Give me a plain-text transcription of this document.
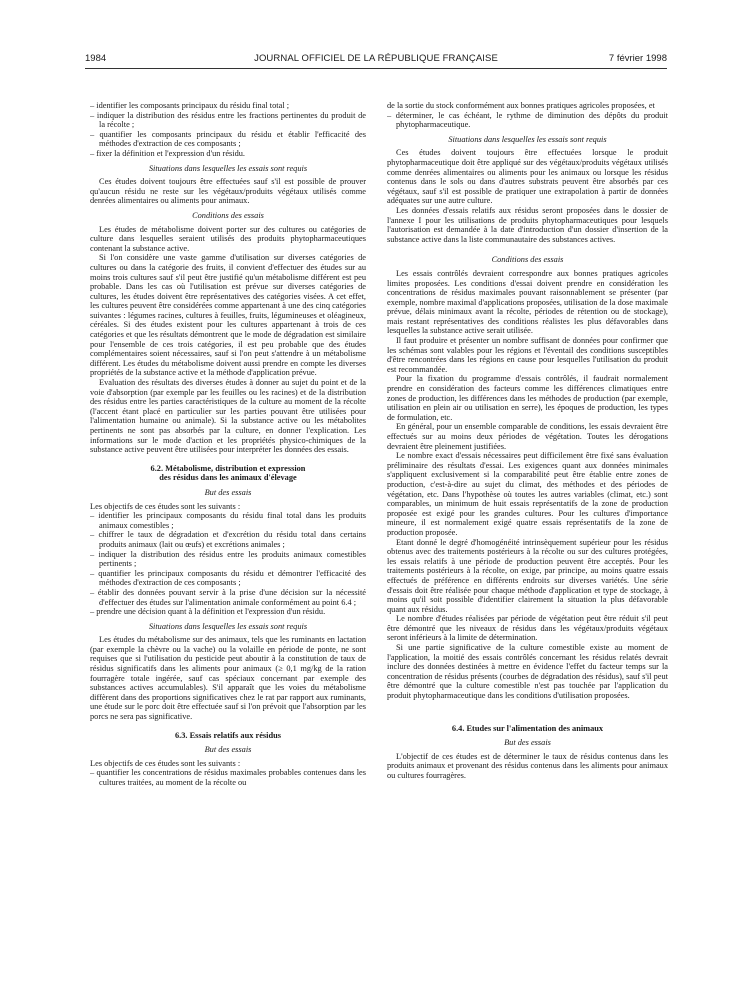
1984	JOURNAL OFFICIEL DE LA RÉPUBLIQUE FRANÇAISE	7 février 1998
– identifier les composants principaux du résidu final total ;
– indiquer la distribution des résidus entre les fractions pertinentes du produit de la récolte ;
– quantifier les composants principaux du résidu et établir l'efficacité des méthodes d'extraction de ces composants ;
– fixer la définition et l'expression d'un résidu.
Situations dans lesquelles les essais sont requis

Ces études doivent toujours être effectuées sauf s'il est possible de prouver qu'aucun résidu ne reste sur les végétaux/produits végétaux utilisés comme denrées alimentaires ou aliments pour animaux.

Conditions des essais

Les études de métabolisme doivent porter sur des cultures ou catégories de culture dans lesquelles seraient utilisés des produits phytopharmaceutiques contenant la substance active.

Si l'on considère une vaste gamme d'utilisation sur diverses catégories de cultures ou dans la catégorie des fruits, il convient d'effectuer des études sur au moins trois cultures sauf s'il peut être justifié qu'un métabolisme différent est peu probable. Dans les cas où l'utilisation est prévue sur diverses catégories de cultures, les études doivent être représentatives des catégories visées. A cet effet, les cultures peuvent être considérées comme appartenant à une des cinq catégories suivantes : légumes racines, cultures à feuilles, fruits, légumineuses et oléagineux, céréales. Si des études existent pour les cultures appartenant à trois de ces catégories et que les résultats démontrent que le mode de dégradation est similaire pour l'ensemble de ces trois catégories, il est peu probable que des études complémentaires soient nécessaires, sauf si l'on peut s'attendre à un métabolisme différent. Les études du métabolisme doivent aussi prendre en compte les diverses propriétés de la substance active et la méthode d'application prévue.

Evaluation des résultats des diverses études à donner au sujet du point et de la voie d'absorption (par exemple par les feuilles ou les racines) et de la distribution des résidus entre les parties caractéristiques de la culture au moment de la récolte (l'accent étant placé en particulier sur les parties pouvant être utilisées pour l'alimentation humaine ou animale). Si la substance active ou les métabolites pertinents ne sont pas absorbés par la culture, en donner l'explication. Les informations sur le mode d'action et les propriétés physico-chimiques de la substance active peuvent être utilisées pour interpréter les données des essais.

6.2. Métabolisme, distribution et expression
des résidus dans les animaux d'élevage
But des essais

Les objectifs de ces études sont les suivants :

– identifier les principaux composants du résidu final total dans les produits animaux comestibles ;
– chiffrer le taux de dégradation et d'excrétion du résidu total dans certains produits animaux (lait ou œufs) et excrétions animales ;
– indiquer la distribution des résidus entre les produits animaux comestibles pertinents ;
– quantifier les principaux composants du résidu et démontrer l'efficacité des méthodes d'extraction de ces composants ;
– établir des données pouvant servir à la prise d'une décision sur la nécessité d'effectuer des études sur l'alimentation animale conformément au point 6.4 ;
– prendre une décision quant à la définition et l'expression d'un résidu.
Situations dans lesquelles les essais sont requis

Les études du métabolisme sur des animaux, tels que les ruminants en lactation (par exemple la chèvre ou la vache) ou la volaille en période de ponte, ne sont requises que si l'utilisation du pesticide peut aboutir à la constitution de taux de résidus significatifs dans les aliments pour animaux (≥ 0,1 mg/kg de la ration fourragère totale ingérée, sauf cas spéciaux concernant par exemple des substances actives accumulables). S'il apparaît que les voies du métabolisme diffèrent dans des proportions significatives chez le rat par rapport aux ruminants, une étude sur le porc doit être effectuée sauf si l'on prévoit que l'absorption par les porcs ne sera pas significative.

6.3. Essais relatifs aux résidus
But des essais

Les objectifs de ces études sont les suivants :

– quantifier les concentrations de résidus maximales probables contenues dans les cultures traitées, au moment de la récolte ou
de la sortie du stock conformément aux bonnes pratiques agricoles proposées, et
– déterminer, le cas échéant, le rythme de diminution des dépôts du produit phytopharmaceutique.
Situations dans lesquelles les essais sont requis

Ces études doivent toujours être effectuées lorsque le produit phytopharmaceutique doit être appliqué sur des végétaux/produits végétaux utilisés comme denrées alimentaires ou aliments pour les animaux ou lorsque les résidus contenus dans le sols ou dans d'autres substrats peuvent être absorbés par ces végétaux, sauf s'il est possible de pratiquer une extrapolation à partir de données adéquates sur une autre culture.

Les données d'essais relatifs aux résidus seront proposées dans le dossier de l'annexe I pour les utilisations de produits phytopharmaceutiques pour lesquels l'autorisation est demandée à la date d'introduction d'un dossier d'insertion de la substance active dans la liste communautaire des substances actives.

Conditions des essais

Les essais contrôlés devraient correspondre aux bonnes pratiques agricoles limites proposées. Les conditions d'essai doivent prendre en considération les concentrations de résidus maximales pouvant raisonnablement se présenter (par exemple, nombre maximal d'applications proposées, utilisation de la dose maximale prévue, délais minimaux avant la récolte, périodes de rétention ou de stockage), mais restant représentatives des conditions réalistes les plus défavorables dans lesquelles la substance active serait utilisée.

Il faut produire et présenter un nombre suffisant de données pour confirmer que les schémas sont valables pour les régions et l'éventail des conditions susceptibles d'être rencontrées dans les régions en cause pour lesquelles l'utilisation du produit est recommandée.

Pour la fixation du programme d'essais contrôlés, il faudrait normalement prendre en considération des facteurs comme les différences climatiques entre zones de production, les différences dans les méthodes de production (par exemple, utilisation en plein air ou utilisation en serre), les époques de production, les types de formulation, etc.

En général, pour un ensemble comparable de conditions, les essais devraient être effectués sur au moins deux périodes de végétation. Toutes les dérogations devraient être pleinement justifiées.

Le nombre exact d'essais nécessaires peut difficilement être fixé sans évaluation préliminaire des résultats d'essai. Les exigences quant aux données minimales s'appliquent exclusivement si la comparabilité peut être établie entre zones de production, c'est-à-dire au sujet du climat, des méthodes et des périodes de végétation, etc. Dans l'hypothèse où toutes les autres variables (climat, etc.) sont comparables, un minimum de huit essais représentatifs de la zone de production proposée est exigé pour les grandes cultures. Pour les cultures d'importance mineure, il est normalement exigé quatre essais représentatifs de la zone de production proposée.

Etant donné le degré d'homogénéité intrinsèquement supérieur pour les résidus obtenus avec des traitements postérieurs à la récolte ou sur des cultures protégées, les essais relatifs à une période de production peuvent être acceptés. Pour les traitements postérieurs à la récolte, on exige, par principe, au moins quatre essais effectués de préférence en différents endroits sur diverses variétés. Une série d'essais doit être réalisée pour chaque méthode d'application et type de stockage, à moins qu'il soit possible d'identifier clairement la situation la plus défavorable quant aux résidus.

Le nombre d'études réalisées par période de végétation peut être réduit s'il peut être démontré que les niveaux de résidus dans les végétaux/produits végétaux seront inférieurs à la limite de détermination.

Si une partie significative de la culture comestible existe au moment de l'application, la moitié des essais contrôlés concernant les résidus relatés devrait inclure des données destinées à mettre en évidence l'effet du facteur temps sur la concentration de résidus présents (courbes de dégradation des résidus), sauf s'il peut être démontré que la culture comestible n'est pas touchée par l'application du produit phytopharmaceutique dans les conditions d'utilisation proposées.

6.4. Etudes sur l'alimentation des animaux
But des essais

L'objectif de ces études est de déterminer le taux de résidus contenus dans les produits animaux et provenant des résidus contenus dans les aliments pour animaux ou cultures fourragères.
